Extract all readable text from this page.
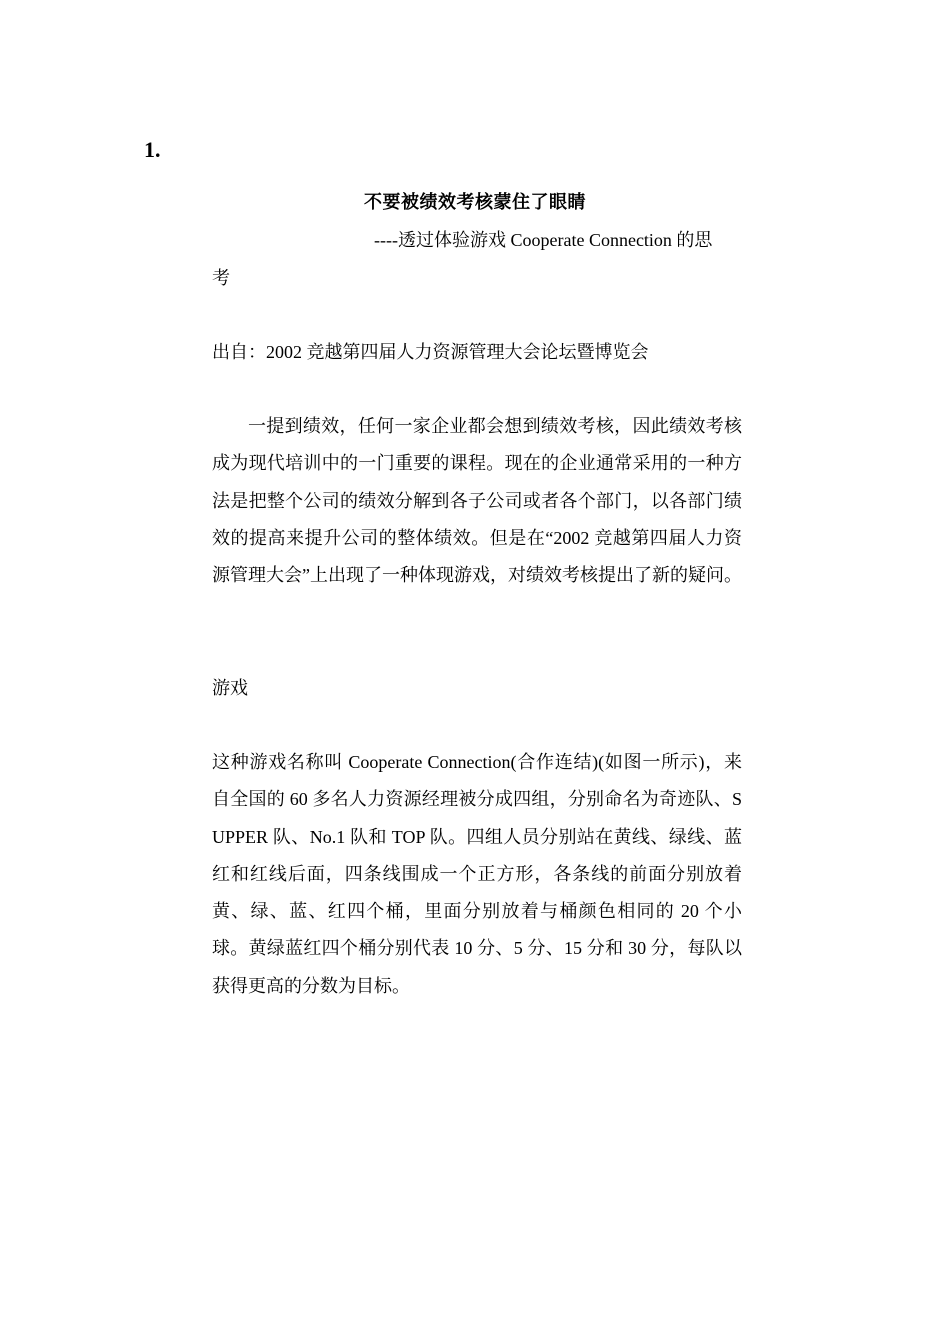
1.
不要被绩效考核蒙住了眼睛
----透过体验游戏 Cooperate Connection 的思
考
出自：2002 竞越第四届人力资源管理大会论坛暨博览会
一提到绩效，任何一家企业都会想到绩效考核，因此绩效考核成为现代培训中的一门重要的课程。现在的企业通常采用的一种方法是把整个公司的绩效分解到各子公司或者各个部门，以各部门绩效的提高来提升公司的整体绩效。但是在“2002 竞越第四届人力资源管理大会”上出现了一种体现游戏，对绩效考核提出了新的疑问。
游戏
这种游戏名称叫 Cooperate Connection(合作连结)(如图一所示)，来自全国的 60 多名人力资源经理被分成四组，分别命名为奇迹队、SUPPER 队、No.1 队和 TOP 队。四组人员分别站在黄线、绿线、蓝红和红线后面，四条线围成一个正方形，各条线的前面分别放着黄、绿、蓝、红四个桶，里面分别放着与桶颜色相同的 20 个小球。黄绿蓝红四个桶分别代表 10 分、5 分、15 分和 30 分，每队以获得更高的分数为目标。
